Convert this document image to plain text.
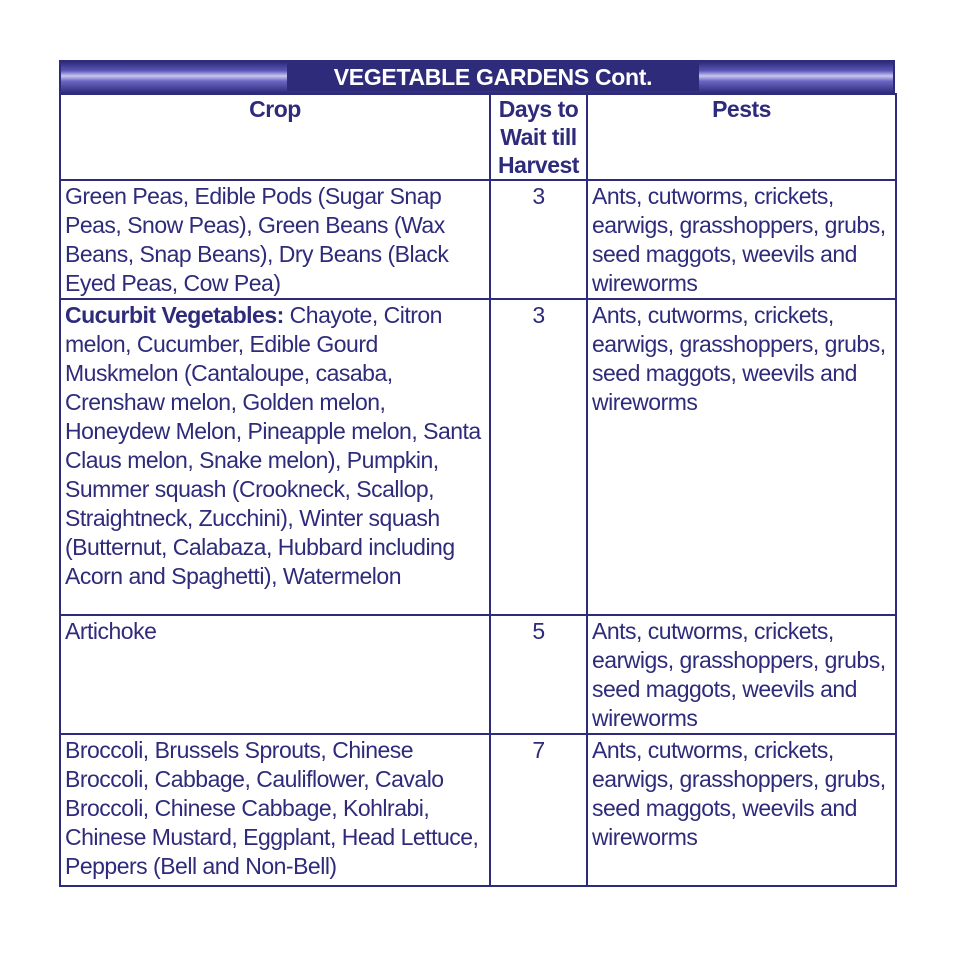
VEGETABLE GARDENS Cont.
Crop	Days to Wait till Harvest	Pests
Green Peas, Edible Pods (Sugar Snap Peas, Snow Peas), Green Beans (Wax Beans, Snap Beans), Dry Beans (Black Eyed Peas, Cow Pea)	3	Ants, cutworms, crickets, earwigs, grasshoppers, grubs, seed maggots, weevils and wireworms
Cucurbit Vegetables: Chayote, Citron melon, Cucumber, Edible Gourd Muskmelon (Cantaloupe, casaba, Crenshaw melon, Golden melon, Honeydew Melon, Pineapple melon, Santa Claus melon, Snake melon), Pumpkin, Summer squash (Crookneck, Scallop, Straightneck, Zucchini), Winter squash (Butternut, Calabaza, Hubbard including Acorn and Spaghetti), Watermelon	3	Ants, cutworms, crickets, earwigs, grasshoppers, grubs, seed maggots, weevils and wireworms
Artichoke	5	Ants, cutworms, crickets, earwigs, grasshoppers, grubs, seed maggots, weevils and wireworms
Broccoli, Brussels Sprouts, Chinese Broccoli, Cabbage, Cauliflower, Cavalo Broccoli, Chinese Cabbage, Kohlrabi, Chinese Mustard, Eggplant, Head Lettuce, Peppers (Bell and Non-Bell)	7	Ants, cutworms, crickets, earwigs, grasshoppers, grubs, seed maggots, weevils and wireworms
